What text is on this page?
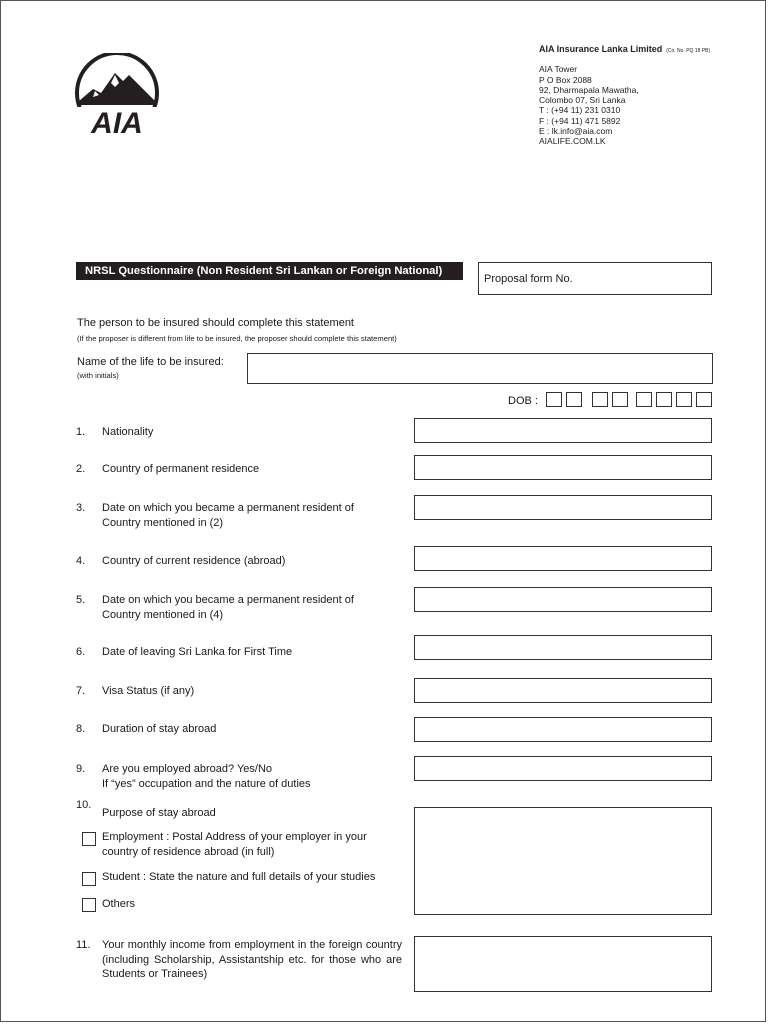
AIA
AIA Insurance Lanka Limited (Co. No. PQ 18 PB)
AIA Tower
P O Box 2088
92, Dharmapala Mawatha,
Colombo 07, Sri Lanka
T : (+94 11) 231 0310
F : (+94 11) 471 5892
E : lk.info@aia.com
AIALIFE.COM.LK
NRSL Questionnaire (Non Resident Sri Lankan or Foreign National)
Proposal form No.
The person to be insured should complete this statement
(If the proposer is different from life to be insured, the proposer should complete this statement)
Name of the life to be insured:
(with initials)
DOB :
1. Nationality
2. Country of permanent residence
3. Date on which you became a permanent resident of
Country mentioned in (2)
4. Country of current residence (abroad)
5. Date on which you became a permanent resident of
Country mentioned in (4)
6. Date of leaving Sri Lanka for First Time
7. Visa Status (if any)
8. Duration of stay abroad
9. Are you employed abroad? Yes/No
If “yes” occupation and the nature of duties
10.
Purpose of stay abroad
Employment : Postal Address of your employer in your
country of residence abroad (in full)
Student : State the nature and full details of your studies
Others
11. Your monthly income from employment in the foreign country (including Scholarship, Assistantship etc. for those who are Students or Trainees)
